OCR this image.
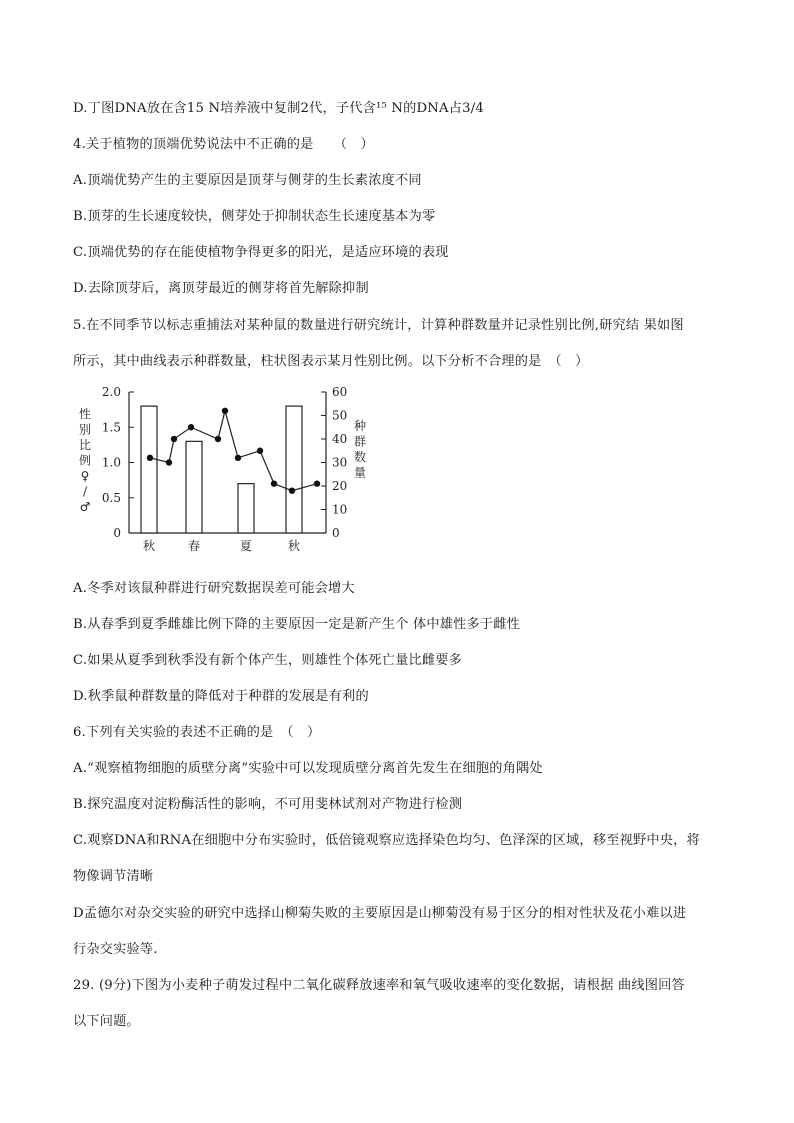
D.丁图DNA放在含15 N培养液中复制2代，子代含¹⁵ N的DNA占3/4
4.关于植物的顶端优势说法中不正确的是　　（　）
A.顶端优势产生的主要原因是顶芽与侧芽的生长素浓度不同
B.顶芽的生长速度较快，侧芽处于抑制状态生长速度基本为零
C.顶端优势的存在能使植物争得更多的阳光，是适应环境的表现
D.去除顶芽后，离顶芽最近的侧芽将首先解除抑制
5.在不同季节以标志重捕法对某种鼠的数量进行研究统计，计算种群数量并记录性别比例,研究结 果如图
所示，其中曲线表示种群数量，柱状图表示某月性别比例。以下分析不合理的是　（　）
A.冬季对该鼠种群进行研究数据误差可能会增大
B.从春季到夏季雌雄比例下降的主要原因一定是新产生个 体中雄性多于雌性
C.如果从夏季到秋季没有新个体产生，则雄性个体死亡量比雌要多
D.秋季鼠种群数量的降低对于种群的发展是有利的
6.下列有关实验的表述不正确的是　（　）
A.“观察植物细胞的质壁分离”实验中可以发现质壁分离首先发生在细胞的角隅处
B.探究温度对淀粉酶活性的影响，不可用斐林试剂对产物进行检测
C.观察DNA和RNA在细胞中分布实验时，低倍镜观察应选择染色均匀、色泽深的区域，移至视野中央，将
物像调节清晰
D孟德尔对杂交实验的研究中选择山柳菊失败的主要原因是山柳菊没有易于区分的相对性状及花小难以进
行杂交实验等.
29. (9分)下图为小麦种子萌发过程中二氧化碳释放速率和氧气吸收速率的变化数据，请根据 曲线图回答
以下问题。
0
0.5
1.0
1.5
2.0
0
10
20
30
40
50
60
性
别
比
例
♀
/
♂
种
群
数
量
秋	春	夏	秋
